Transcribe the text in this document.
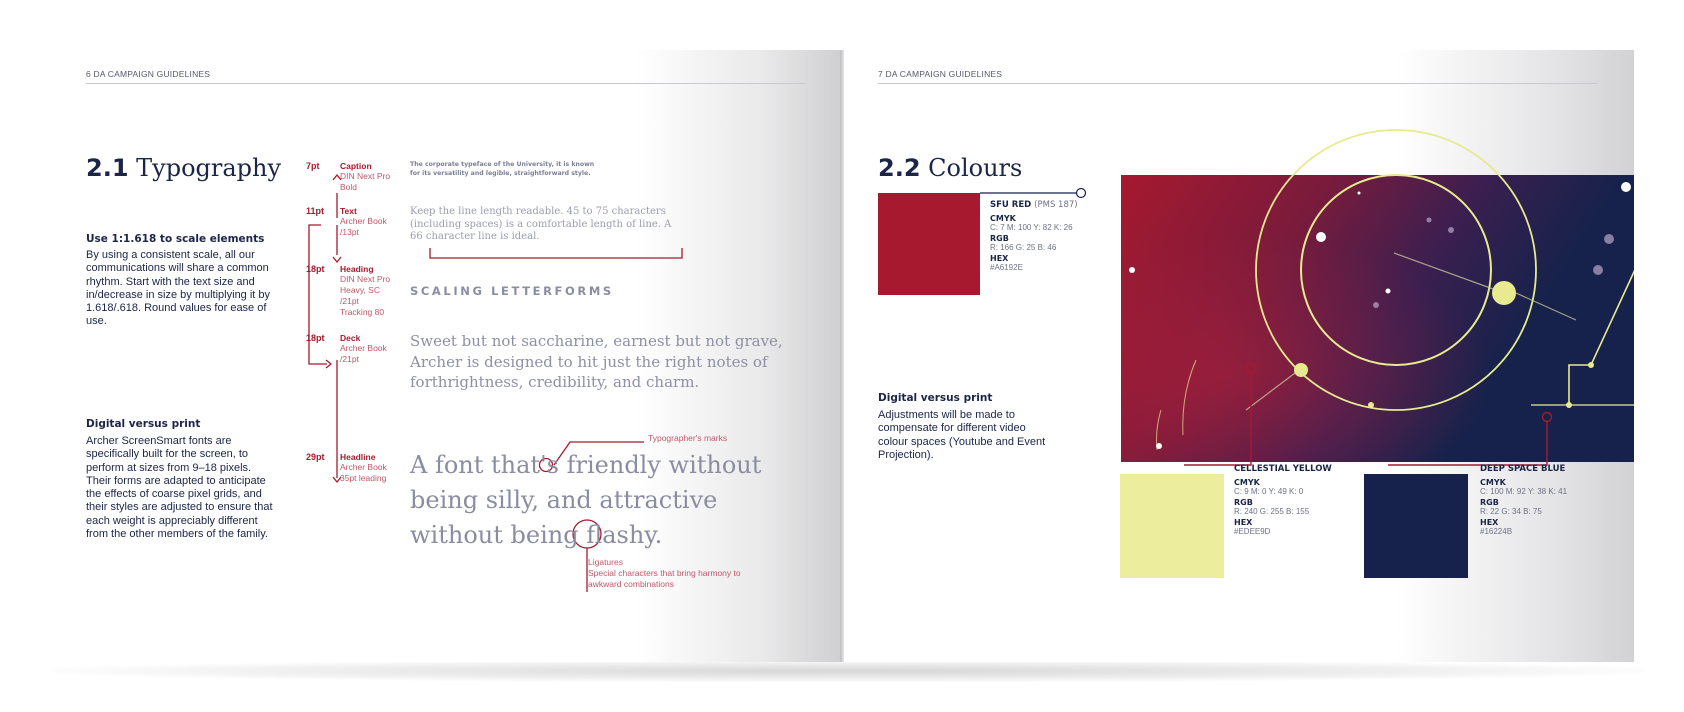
6 DA CAMPAIGN GUIDELINES
2.1 Typography
Use 1:1.618 to scale elements
By using a consistent scale, all our communications will share a common rhythm. Start with the text size and in/decrease in size by multiplying it by 1.618/.618. Round values for ease of use.
Digital versus print
Archer ScreenSmart fonts are specifically built for the screen, to perform at sizes from 9–18 pixels. Their forms are adapted to anticipate the effects of coarse pixel grids, and their styles are adjusted to ensure that each weight is appreciably different from the other members of the family.
7pt Caption
DIN Next Pro
Bold
11pt Text
Archer Book
/13pt
18pt Heading
DIN Next Pro
Heavy, SC
/21pt
Tracking 80
18pt Deck
Archer Book
/21pt
29pt Headline
Archer Book
35pt leading
The corporate typeface of the University, it is known
for its versatility and legible, straightforward style.
Keep the line length readable. 45 to 75 characters
(including spaces) is a comfortable length of line. A
66 character line is ideal.
SCALING LETTERFORMS
Sweet but not saccharine, earnest but not grave,
Archer is designed to hit just the right notes of
forthrightness, credibility, and charm.
A font that's friendly without
being silly, and attractive
without being flashy.
Typographer's marks
Ligatures
Special characters that bring harmony to
awkward combinations
7 DA CAMPAIGN GUIDELINES
2.2 Colours
SFU RED (PMS 187)
CMYK
C: 7 M: 100 Y: 82 K: 26
RGB
R: 166 G: 25 B: 46
HEX
#A6192E
Digital versus print
Adjustments will be made to compensate for different video colour spaces (Youtube and Event Projection).
CELLESTIAL YELLOW
CMYK
C: 9 M: 0 Y: 49 K: 0
RGB
R: 240 G: 255 B: 155
HEX
#EDEE9D
DEEP SPACE BLUE
CMYK
C: 100 M: 92 Y: 38 K: 41
RGB
R: 22 G: 34 B: 75
HEX
#16224B
